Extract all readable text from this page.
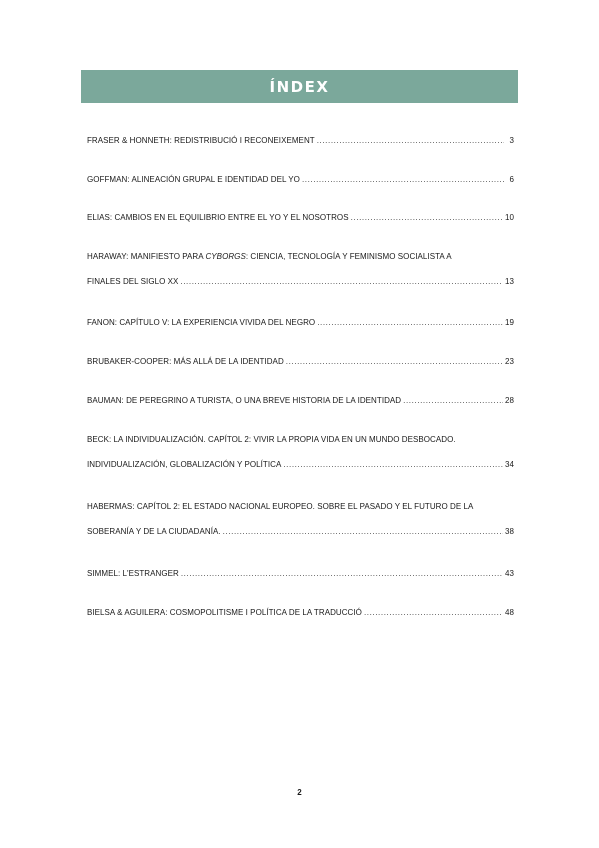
ÍNDEX
FRASER & HONNETH: REDISTRIBUCIÓ I RECONEIXEMENT .....	3
GOFFMAN: ALINEACIÓN GRUPAL E IDENTIDAD DEL YO .....	6
ELIAS: CAMBIOS EN EL EQUILIBRIO ENTRE EL YO Y EL NOSOTROS .....	10
HARAWAY: MANIFIESTO PARA CYBORGS: CIENCIA, TECNOLOGÍA Y FEMINISMO SOCIALISTA A
FINALES DEL SIGLO XX .....	13
FANON: CAPÍTULO V: LA EXPERIENCIA VIVIDA DEL NEGRO .....	19
BRUBAKER-COOPER: MÁS ALLÁ DE LA IDENTIDAD .....	23
BAUMAN: DE PEREGRINO A TURISTA, O UNA BREVE HISTORIA DE LA IDENTIDAD .....	28
BECK: LA INDIVIDUALIZACIÓN. CAPÍTOL 2: VIVIR LA PROPIA VIDA EN UN MUNDO DESBOCADO.
INDIVIDUALIZACIÓN, GLOBALIZACIÓN Y POLÍTICA .....	34
HABERMAS: CAPÍTOL 2: EL ESTADO NACIONAL EUROPEO. SOBRE EL PASADO Y EL FUTURO DE LA
SOBERANÍA Y DE LA CIUDADANÍA. .....	38
SIMMEL: L'ESTRANGER .....	43
BIELSA & AGUILERA: COSMOPOLITISME I POLÍTICA DE LA TRADUCCIÓ .....	48
2
